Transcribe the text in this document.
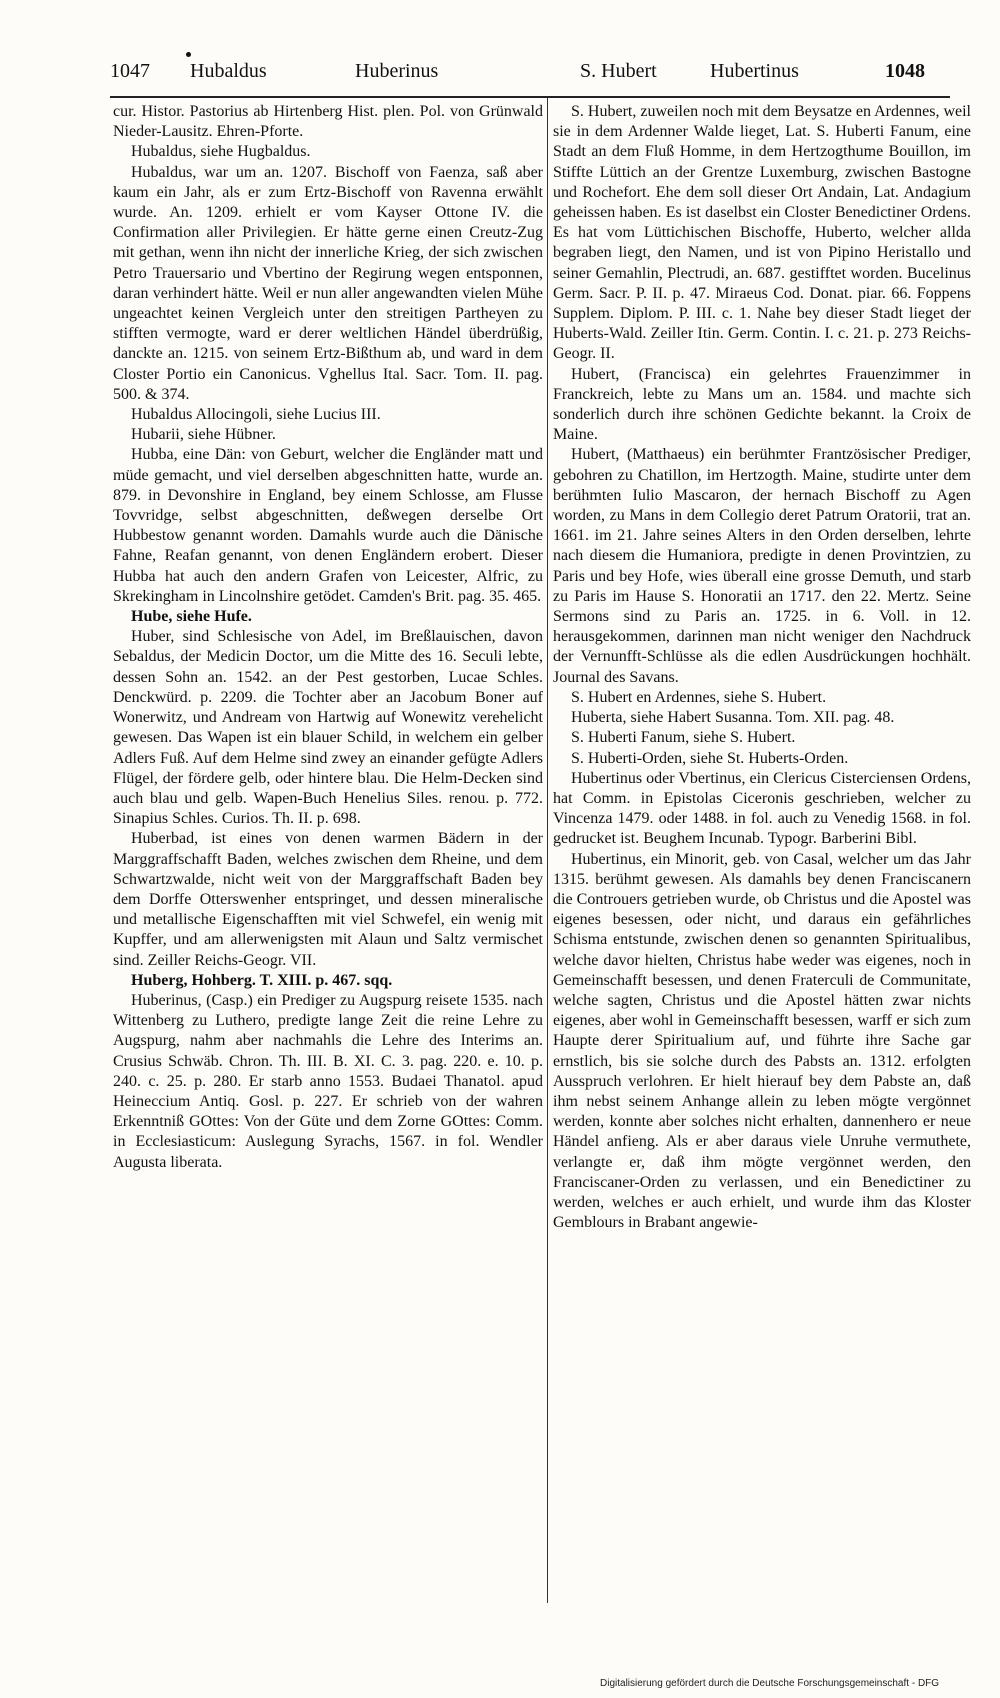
1047 Hubaldus	Huberinus	S. Hubert	Hubertinus	1048

cur. Histor. Pastorius ab Hirtenberg Hist. plen. Pol. von Grünwald Nieder-Lausitz. Ehren-Pforte.

Hubaldus, siehe Hugbaldus.

Hubaldus, war um an. 1207. Bischoff von Faenza, saß aber kaum ein Jahr, als er zum Ertz-Bischoff von Ravenna erwählt wurde. An. 1209. erhielt er vom Kayser Ottone IV. die Confirmation aller Privilegien. Er hätte gerne einen Creutz-Zug mit gethan, wenn ihn nicht der innerliche Krieg, der sich zwischen Petro Trauersario und Vbertino der Regirung wegen entsponnen, daran verhindert hätte. Weil er nun aller angewandten vielen Mühe ungeachtet keinen Vergleich unter den streitigen Partheyen zu stifften vermogte, ward er derer weltlichen Händel überdrüßig, danckte an. 1215. von seinem Ertz-Bißthum ab, und ward in dem Closter Portio ein Canonicus. Vghellus Ital. Sacr. Tom. II. pag. 500. & 374.

Hubaldus Allocingoli, siehe Lucius III.

Hubarii, siehe Hübner.

Hubba, eine Dän: von Geburt, welcher die Engländer matt und müde gemacht, und viel derselben abgeschnitten hatte, wurde an. 879. in Devonshire in England, bey einem Schlosse, am Flusse Tovvridge, selbst abgeschnitten, deßwegen derselbe Ort Hubbestow genannt worden. Damahls wurde auch die Dänische Fahne, Reafan genannt, von denen Engländern erobert. Dieser Hubba hat auch den andern Grafen von Leicester, Alfric, zu Skrekingham in Lincolnshire getödet. Camden's Brit. pag. 35. 465.

Hube, siehe Hufe.

Huber, sind Schlesische von Adel, im Breßlauischen, davon Sebaldus, der Medicin Doctor, um die Mitte des 16. Seculi lebte, dessen Sohn an. 1542. an der Pest gestorben, Lucae Schles. Denckwürd. p. 2209. die Tochter aber an Jacobum Boner auf Wonerwitz, und Andream von Hartwig auf Wonewitz verehelicht gewesen. Das Wapen ist ein blauer Schild, in welchem ein gelber Adlers Fuß. Auf dem Helme sind zwey an einander gefügte Adlers Flügel, der fördere gelb, oder hintere blau. Die Helm-Decken sind auch blau und gelb. Wapen-Buch Henelius Siles. renou. p. 772. Sinapius Schles. Curios. Th. II. p. 698.

Huberbad, ist eines von denen warmen Bädern in der Marggraffschafft Baden, welches zwischen dem Rheine, und dem Schwartzwalde, nicht weit von der Marggraffschaft Baden bey dem Dorffe Otterswenher entspringet, und dessen mineralische und metallische Eigenschafften mit viel Schwefel, ein wenig mit Kupffer, und am allerwenigsten mit Alaun und Saltz vermischet sind. Zeiller Reichs-Geogr. VII.

Huberg, Hohberg. T. XIII. p. 467. sqq.

Huberinus, (Casp.) ein Prediger zu Augspurg reisete 1535. nach Wittenberg zu Luthero, predigte lange Zeit die reine Lehre zu Augspurg, nahm aber nachmahls die Lehre des Interims an. Crusius Schwäb. Chron. Th. III. B. XI. C. 3. pag. 220. e. 10. p. 240. c. 25. p. 280. Er starb anno 1553. Budaei Thanatol. apud Heineccium Antiq. Gosl. p. 227. Er schrieb von der wahren Erkenntniß GOttes: Von der Güte und dem Zorne GOttes: Comm. in Ecclesiasticum: Auslegung Syrachs, 1567. in fol. Wendler Augusta liberata.

S. Hubert, zuweilen noch mit dem Beysatze en Ardennes, weil sie in dem Ardenner Walde lieget, Lat. S. Huberti Fanum, eine Stadt an dem Fluß Homme, in dem Hertzogthume Bouillon, im Stiffte Lüttich an der Grentze Luxemburg, zwischen Bastogne und Rochefort. Ehe dem soll dieser Ort Andain, Lat. Andagium geheissen haben. Es ist daselbst ein Closter Benedictiner Ordens. Es hat vom Lüttichischen Bischoffe, Huberto, welcher allda begraben liegt, den Namen, und ist von Pipino Heristallo und seiner Gemahlin, Plectrudi, an. 687. gestifftet worden. Bucelinus Germ. Sacr. P. II. p. 47. Miraeus Cod. Donat. piar. 66. Foppens Supplem. Diplom. P. III. c. 1. Nahe bey dieser Stadt lieget der Huberts-Wald. Zeiller Itin. Germ. Contin. I. c. 21. p. 273 Reichs-Geogr. II.

Hubert, (Francisca) ein gelehrtes Frauenzimmer in Franckreich, lebte zu Mans um an. 1584. und machte sich sonderlich durch ihre schönen Gedichte bekannt. la Croix de Maine.

Hubert, (Matthaeus) ein berühmter Frantzösischer Prediger, gebohren zu Chatillon, im Hertzogth. Maine, studirte unter dem berühmten Iulio Mascaron, der hernach Bischoff zu Agen worden, zu Mans in dem Collegio deret Patrum Oratorii, trat an. 1661. im 21. Jahre seines Alters in den Orden derselben, lehrte nach diesem die Humaniora, predigte in denen Provintzien, zu Paris und bey Hofe, wies überall eine grosse Demuth, und starb zu Paris im Hause S. Honoratii an 1717. den 22. Mertz. Seine Sermons sind zu Paris an. 1725. in 6. Voll. in 12. herausgekommen, darinnen man nicht weniger den Nachdruck der Vernunfft-Schlüsse als die edlen Ausdrückungen hochhält. Journal des Savans.

S. Hubert en Ardennes, siehe S. Hubert.

Huberta, siehe Habert Susanna. Tom. XII. pag. 48.

S. Huberti Fanum, siehe S. Hubert.

S. Huberti-Orden, siehe St. Huberts-Orden.

Hubertinus oder Vbertinus, ein Clericus Cisterciensen Ordens, hat Comm. in Epistolas Ciceronis geschrieben, welcher zu Vincenza 1479. oder 1488. in fol. auch zu Venedig 1568. in fol. gedrucket ist. Beughem Incunab. Typogr. Barberini Bibl.

Hubertinus, ein Minorit, geb. von Casal, welcher um das Jahr 1315. berühmt gewesen. Als damahls bey denen Franciscanern die Controuers getrieben wurde, ob Christus und die Apostel was eigenes besessen, oder nicht, und daraus ein gefährliches Schisma entstunde, zwischen denen so genannten Spiritualibus, welche davor hielten, Christus habe weder was eigenes, noch in Gemeinschafft besessen, und denen Fraterculi de Communitate, welche sagten, Christus und die Apostel hätten zwar nichts eigenes, aber wohl in Gemeinschafft besessen, warff er sich zum Haupte derer Spiritualium auf, und führte ihre Sache gar ernstlich, bis sie solche durch des Pabsts an. 1312. erfolgten Ausspruch verlohren. Er hielt hierauf bey dem Pabste an, daß ihm nebst seinem Anhange allein zu leben mögte vergönnet werden, konnte aber solches nicht erhalten, dannenhero er neue Händel anfieng. Als er aber daraus viele Unruhe vermuthete, verlangte er, daß ihm mögte vergönnet werden, den Franciscaner-Orden zu verlassen, und ein Benedictiner zu werden, welches er auch erhielt, und wurde ihm das Kloster Gemblours in Brabant angewie-

Digitalisierung gefördert durch die Deutsche Forschungsgemeinschaft - DFG
